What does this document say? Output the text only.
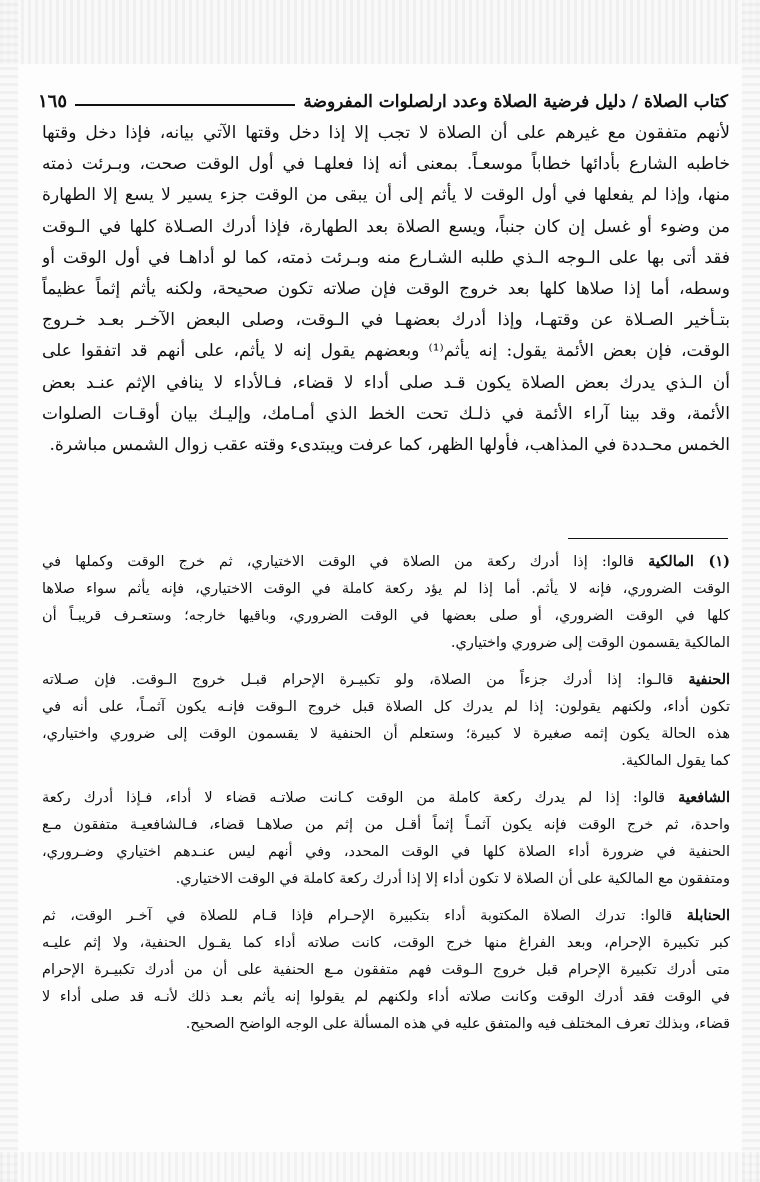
كتاب الصلاة / دليل فرضية الصلاة وعدد ارلصلوات المفروضة
١٦٥
لأنهم متفقون مع غيرهم على أن الصلاة لا تجب إلا إذا دخل وقتها الآتي بيانه، فإذا دخل وقتها
خاطبه الشارع بأدائها خطاباً موسعـاً. بمعنى أنه إذا فعلهـا في أول الوقت صحت، وبـرئت ذمته
منها، وإذا لم يفعلها في أول الوقت لا يأثم إلى أن يبقى من الوقت جزء يسير لا يسع إلا الطهارة
من وضوء أو غسل إن كان جنباً، ويسع الصلاة بعد الطهارة، فإذا أدرك الصـلاة كلها في الـوقت
فقد أتى بها على الـوجه الـذي طلبه الشـارع منه وبـرئت ذمته، كما لو أداهـا في أول الوقت أو
وسطه، أما إذا صلاها كلها بعد خروج الوقت فإن صلاته تكون صحيحة، ولكنه يأثم إثماً عظيماً
بتـأخير الصـلاة عن وقتهـا، وإذا أدرك بعضهـا في الـوقت، وصلى البعض الآخـر بعـد خـروج
الوقت، فإن بعض الأئمة يقول: إنه يأثم⁽¹⁾ وبعضهم يقول إنه لا يأثم، على أنهم قد اتفقوا على
أن الـذي يدرك بعض الصلاة يكون قـد صلى أداء لا قضاء، فـالأداء لا ينافي الإثم عنـد بعض
الأئمة، وقد بينا آراء الأئمة في ذلـك تحت الخط الذي أمـامك، وإليـك بيان أوقـات الصلوات
الخمس محـددة في المذاهب، فأولها الظهر، كما عرفت ويبتدىء وقته عقب زوال الشمس مباشرة.
(١) المالكية قالوا: إذا أدرك ركعة من الصلاة في الوقت الاختياري، ثم خرج الوقت وكملها في
الوقت الضروري، فإنه لا يأثم. أما إذا لم يؤد ركعة كاملة في الوقت الاختياري، فإنه يأثم سواء صلاها
كلها في الوقت الضروري، أو صلى بعضها في الوقت الضروري، وباقيها خارجه؛ وستعـرف قريبـاً أن
المالكية يقسمون الوقت إلى ضروري واختياري.
الحنفية قالـوا: إذا أدرك جزءاً من الصلاة، ولو تكبيـرة الإحرام قبـل خروج الـوقت. فإن صـلاته
تكون أداء، ولكنهم يقولون: إذا لم يدرك كل الصلاة قبل خروج الـوقت فإنـه يكون آثمـاً، على أنه في
هذه الحالة يكون إثمه صغيرة لا كبيرة؛ وستعلم أن الحنفية لا يقسمون الوقت إلى ضروري واختياري،
كما يقول المالكية.
الشافعية قالوا: إذا لم يدرك ركعة كاملة من الوقت كـانت صلاتـه قضاء لا أداء، فـإذا أدرك ركعة
واحدة، ثم خرج الوقت فإنه يكون آثمـاً إثماً أقـل من إثم من صلاهـا قضاء، فـالشافعيـة متفقون مـع
الحنفية في ضرورة أداء الصلاة كلها في الوقت المحدد، وفي أنهم ليس عنـدهم اختياري وضـروري،
ومتفقون مع المالكية على أن الصلاة لا تكون أداء إلا إذا أدرك ركعة كاملة في الوقت الاختياري.
الحنابلة قالوا: تدرك الصلاة المكتوبة أداء بتكبيرة الإحـرام فإذا قـام للصلاة في آخـر الوقت، ثم
كبر تكبيرة الإحرام، وبعد الفراغ منها خرج الوقت، كانت صلاته أداء كما يقـول الحنفية، ولا إثم عليـه
متى أدرك تكبيرة الإحرام قبل خروج الـوقت فهم متفقون مـع الحنفية على أن من أدرك تكبيـرة الإحرام
في الوقت فقد أدرك الوقت وكانت صلاته أداء ولكنهم لم يقولوا إنه يأثم بعـد ذلك لأنـه قد صلى أداء لا
قضاء، وبذلك تعرف المختلف فيه والمتفق عليه في هذه المسألة على الوجه الواضح الصحيح.
